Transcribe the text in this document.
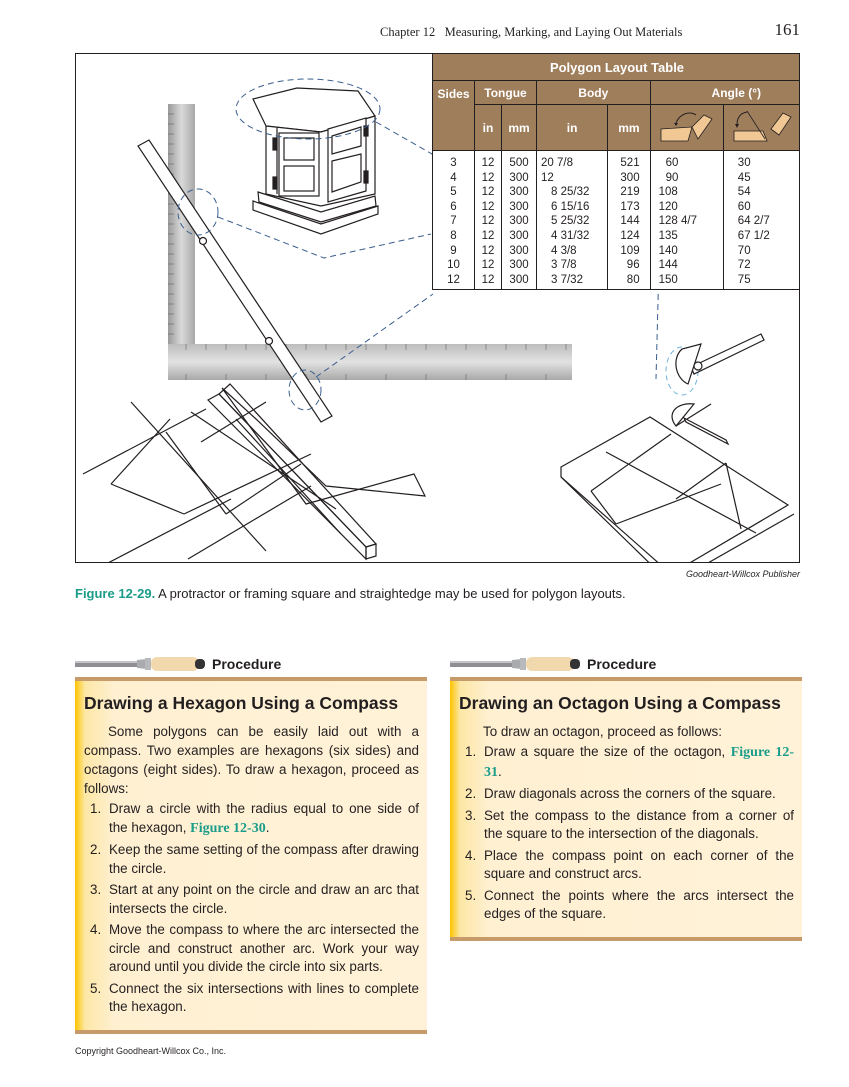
Chapter 12 Measuring, Marking, and Laying Out Materials	161
Polygon Layout Table						
Sides	Tongue		Body		Angle (°)	

	in	mm	in	mm		
3	12	500	20 7/8	521	60	30
4	12	300	12	300	90	45
5	12	300	8 25/32	219	108	54
6	12	300	6 15/16	173	120	60
7	12	300	5 25/32	144	128 4/7	64 2/7
8	12	300	4 31/32	124	135	67 1/2
9	12	300	4 3/8	109	140	70
10	12	300	3 7/8	96	144	72
12	12	300	3 7/32	80	150	75
Goodheart-Willcox Publisher
Figure 12-29. A protractor or framing square and straightedge may be used for polygon layouts.
Procedure
Drawing a Hexagon Using a Compass

Some polygons can be easily laid out with a compass. Two examples are hexagons (six sides) and octagons (eight sides). To draw a hexagon, proceed as follows:

1. Draw a circle with the radius equal to one side of the hexagon, Figure 12-30.
2. Keep the same setting of the compass after drawing the circle.
3. Start at any point on the circle and draw an arc that intersects the circle.
4. Move the compass to where the arc intersected the circle and construct another arc. Work your way around until you divide the circle into six parts.
5. Connect the six intersections with lines to complete the hexagon.
Procedure
Drawing an Octagon Using a Compass

To draw an octagon, proceed as follows:

1. Draw a square the size of the octagon, Figure 12-31.
2. Draw diagonals across the corners of the square.
3. Set the compass to the distance from a corner of the square to the intersection of the diagonals.
4. Place the compass point on each corner of the square and construct arcs.
5. Connect the points where the arcs intersect the edges of the square.
Copyright Goodheart-Willcox Co., Inc.
